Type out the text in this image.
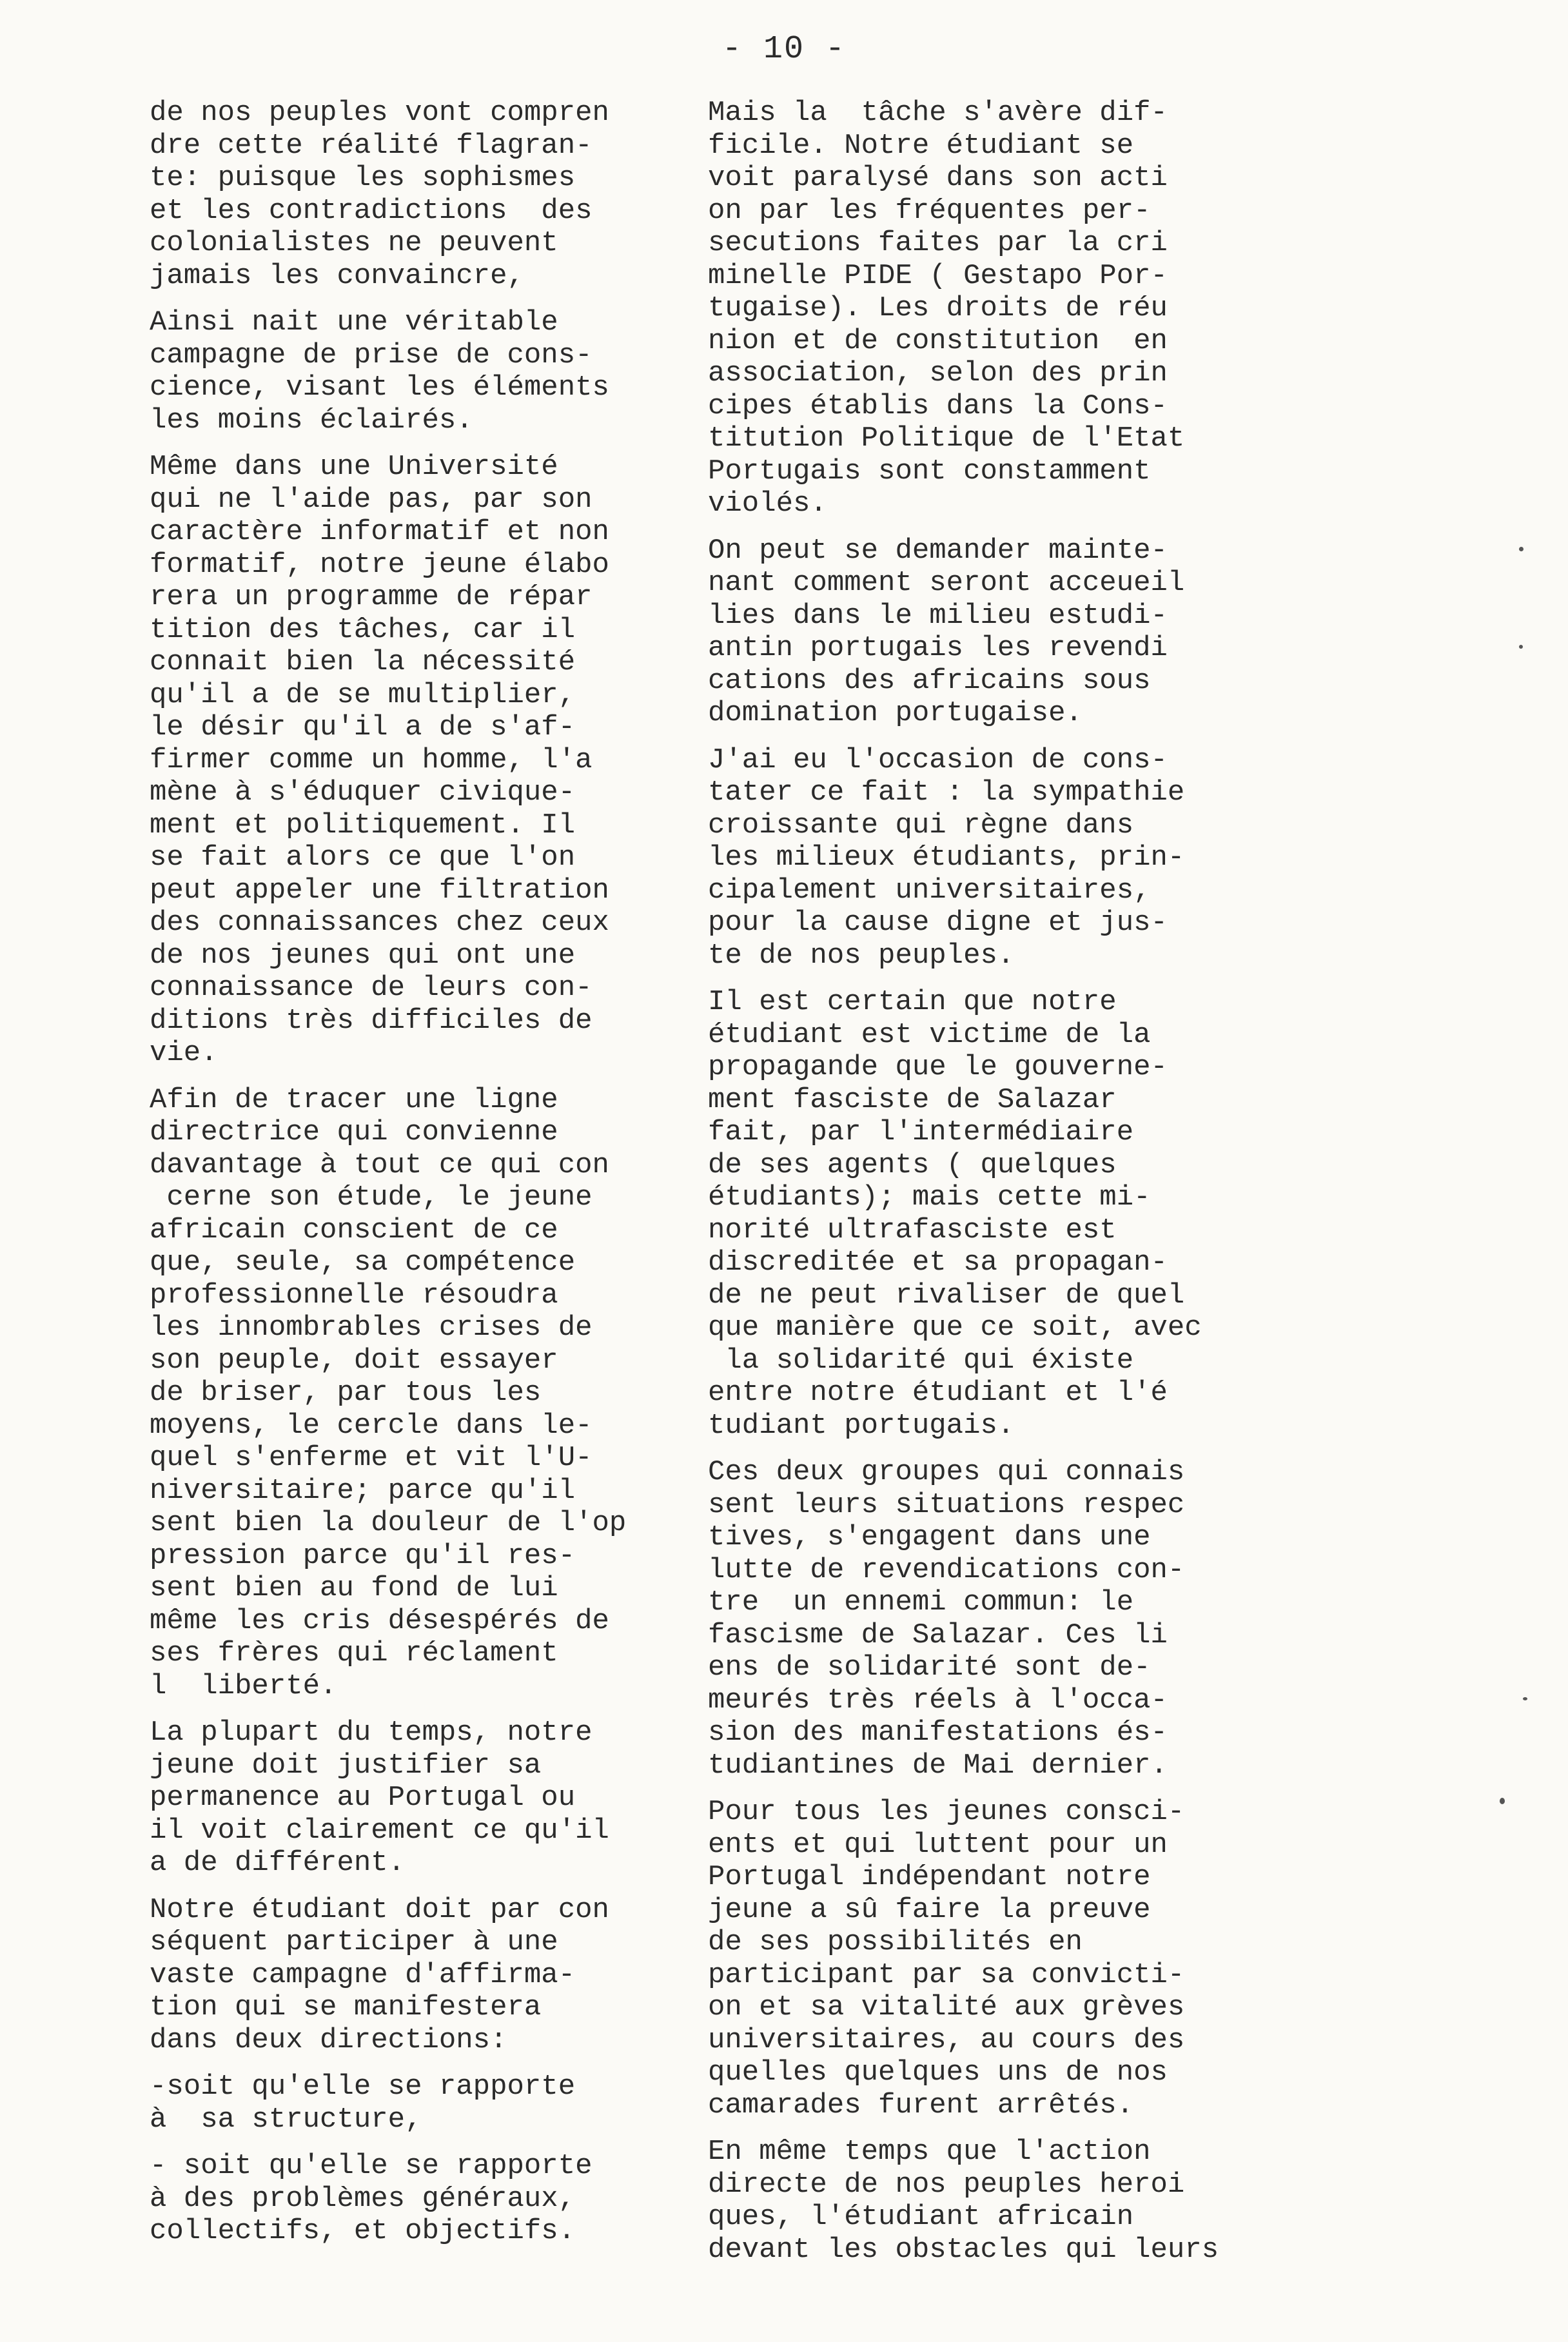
- 10 -
de nos peuples vont compren
dre cette réalité flagran-
te: puisque les sophismes
et les contradictions  des
colonialistes ne peuvent
jamais les convaincre,
Ainsi nait une véritable
campagne de prise de cons-
cience, visant les éléments
les moins éclairés.
Même dans une Université
qui ne l'aide pas, par son
caractère informatif et non
formatif, notre jeune élabo
rera un programme de répar
tition des tâches, car il
connait bien la nécessité
qu'il a de se multiplier,
le désir qu'il a de s'af-
firmer comme un homme, l'a
mène à s'éduquer civique-
ment et politiquement. Il
se fait alors ce que l'on
peut appeler une filtration
des connaissances chez ceux
de nos jeunes qui ont une
connaissance de leurs con-
ditions très difficiles de
vie.
Afin de tracer une ligne
directrice qui convienne
davantage à tout ce qui con
cerne son étude, le jeune
africain conscient de ce
que, seule, sa compétence
professionnelle résoudra
les innombrables crises de
son peuple, doit essayer
de briser, par tous les
moyens, le cercle dans le-
quel s'enferme et vit l'U-
niversitaire; parce qu'il
sent bien la douleur de l'op
pression parce qu'il res-
sent bien au fond de lui
même les cris désespérés de
ses frères qui réclament
l  liberté.
La plupart du temps, notre
jeune doit justifier sa
permanence au Portugal ou
il voit clairement ce qu'il
a de différent.
Notre étudiant doit par con
séquent participer à une
vaste campagne d'affirma-
tion qui se manifestera
dans deux directions:
-soit qu'elle se rapporte
à  sa structure,
- soit qu'elle se rapporte
à des problèmes généraux,
collectifs, et objectifs.
Mais la  tâche s'avère dif-
ficile. Notre étudiant se
voit paralysé dans son acti
on par les fréquentes per-
secutions faites par la cri
minelle PIDE ( Gestapo Por-
tugaise). Les droits de réu
nion et de constitution  en
association, selon des prin
cipes établis dans la Cons-
titution Politique de l'Etat
Portugais sont constamment
violés.
On peut se demander mainte-
nant comment seront acceueil
lies dans le milieu estudi-
antin portugais les revendi
cations des africains sous
domination portugaise.
J'ai eu l'occasion de cons-
tater ce fait : la sympathie
croissante qui règne dans
les milieux étudiants, prin-
cipalement universitaires,
pour la cause digne et jus-
te de nos peuples.
Il est certain que notre
étudiant est victime de la
propagande que le gouverne-
ment fasciste de Salazar
fait, par l'intermédiaire
de ses agents ( quelques
étudiants); mais cette mi-
norité ultrafasciste est
discreditée et sa propagan-
de ne peut rivaliser de quel
que manière que ce soit, avec
la solidarité qui éxiste
entre notre étudiant et l'é
tudiant portugais.
Ces deux groupes qui connais
sent leurs situations respec
tives, s'engagent dans une
lutte de revendications con-
tre  un ennemi commun: le
fascisme de Salazar. Ces li
ens de solidarité sont de-
meurés très réels à l'occa-
sion des manifestations és-
tudiantines de Mai dernier.
Pour tous les jeunes consci-
ents et qui luttent pour un
Portugal indépendant notre
jeune a sû faire la preuve
de ses possibilités en
participant par sa convicti-
on et sa vitalité aux grèves
universitaires, au cours des
quelles quelques uns de nos
camarades furent arrêtés.
En même temps que l'action
directe de nos peuples heroi
ques, l'étudiant africain
devant les obstacles qui leurs
